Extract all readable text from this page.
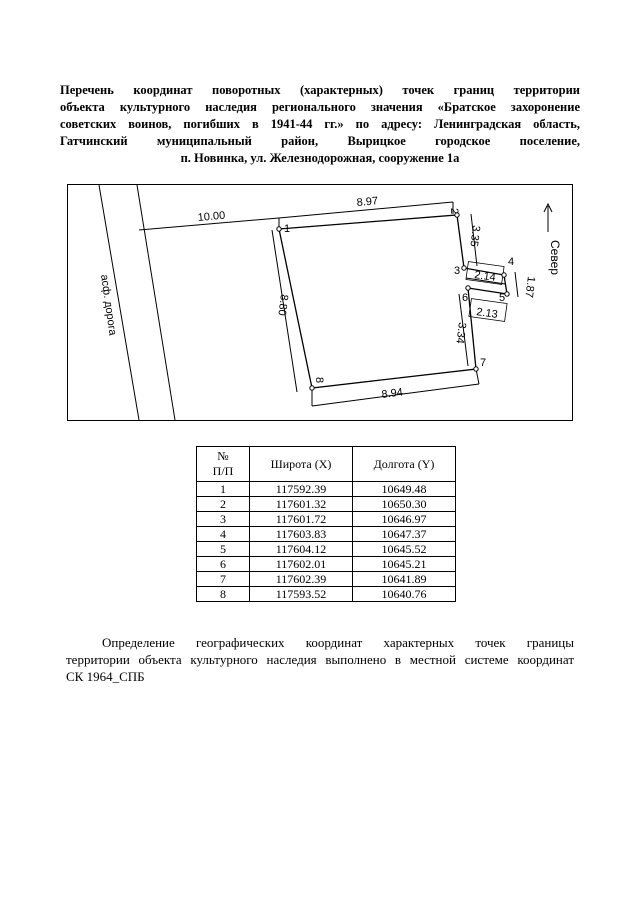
Перечень координат поворотных (характерных) точек границ территории
объекта культурного наследия регионального значения «Братское захоронение
советских воинов, погибших в 1941-44 гг.» по адресу: Ленинградская область,
Гатчинский муниципальный район, Вырицкое городское поселение,
п. Новинка, ул. Железнодорожная, сооружение 1а
асф. дорога
10.00
8.97
8.80
8.94
3.35
2.14 1.87
2.13
3.34
1
2
3
4
5
6
7
8
Север
№
П/П	Широта (X)	Долгота (Y)
1	117592.39	10649.48
2	117601.32	10650.30
3	117601.72	10646.97
4	117603.83	10647.37
5	117604.12	10645.52
6	117602.01	10645.21
7	117602.39	10641.89
8	117593.52	10640.76
Определение географических координат характерных точек границы
территории объекта культурного наследия выполнено в местной системе координат
СК 1964_СПБ
